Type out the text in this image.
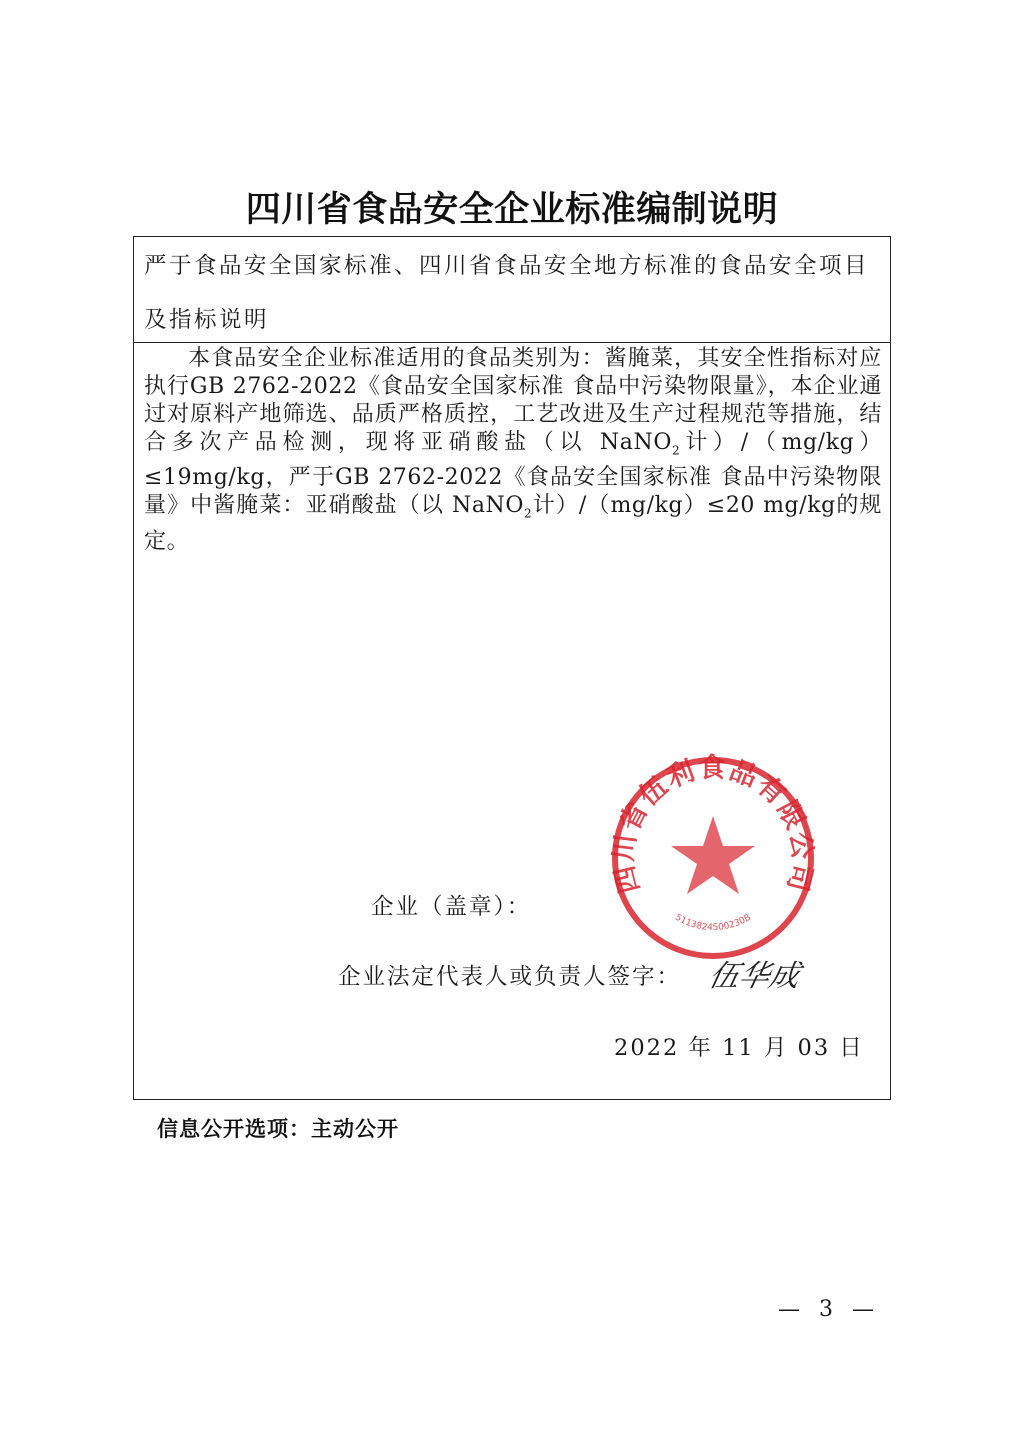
四川省食品安全企业标准编制说明
严于食品安全国家标准、四川省食品安全地方标准的食品安全项目及指标说明

本食品安全企业标准适用的食品类别为：酱腌菜，其安全性指标对应执行GB 2762-2022《食品安全国家标准 食品中污染物限量》，本企业通过对原料产地筛选、品质严格质控，工艺改进及生产过程规范等措施，结合多次产品检测，现将亚硝酸盐（以 NaNO$_2$计）/（mg/kg）≤19mg/kg，严于GB 2762-2022《食品安全国家标准 食品中污染物限量》中酱腌菜：亚硝酸盐（以 NaNO$_2$计）/（mg/kg）≤20 mg/kg的规定。

企业（盖章）：
企业法定代表人或负责人签字： 伍华成
2022 年 11 月 03 日
四川省伍利食品有限公司
5113824500230B
信息公开选项：主动公开
— 3 —
